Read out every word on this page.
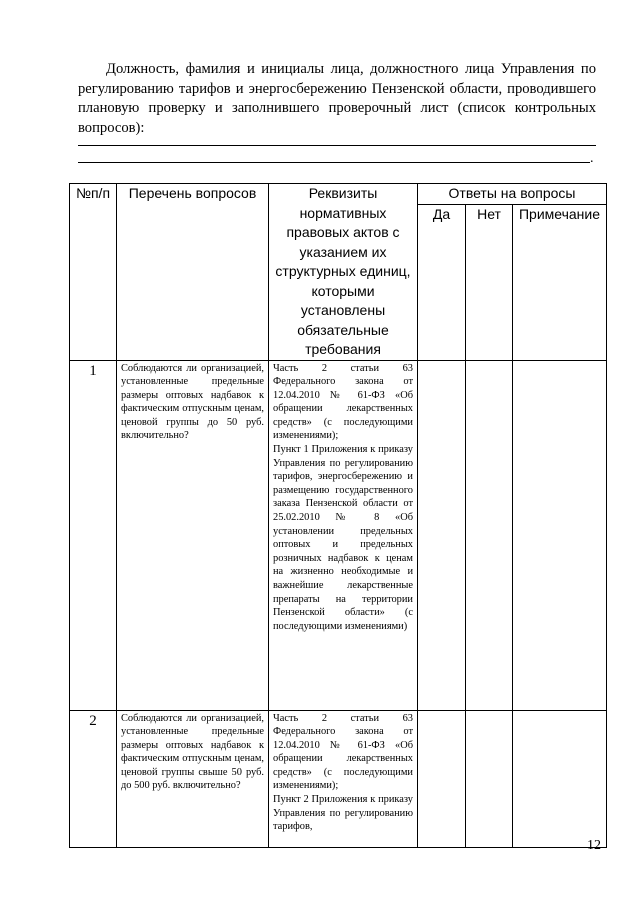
Должность, фамилия и инициалы лица, должностного лица Управления по регулированию тарифов и энергосбережению Пензенской области, проводившего плановую проверку и заполнившего проверочный лист (список контрольных вопросов):
.
№п/п	Перечень вопросов	Реквизиты нормативных правовых актов с указанием их структурных единиц, которыми установлены обязательные требования	Ответы на вопросы		
			Да	Нет	Примечание
1	Соблюдаются ли организацией, установленные предельные размеры оптовых надбавок к фактическим отпускным ценам, ценовой группы до 50 руб. включительно?	Часть 2 статьи 63 Федерального закона от 12.04.2010 № 61-ФЗ «Об обращении лекарственных средств» (с последующими изменениями);
Пункт 1 Приложения к приказу Управления по регулированию тарифов, энергосбережению и размещению государственного заказа Пензенской области от 25.02.2010 № 8 «Об установлении предельных оптовых и предельных розничных надбавок к ценам на жизненно необходимые и важнейшие лекарственные препараты на территории Пензенской области» (с последующими изменениями)			

2	Соблюдаются ли организацией, установленные предельные размеры оптовых надбавок к фактическим отпускным ценам, ценовой группы свыше 50 руб. до 500 руб. включительно?	Часть 2 статьи 63 Федерального закона от 12.04.2010 № 61-ФЗ «Об обращении лекарственных средств» (с последующими изменениями);
Пункт 2 Приложения к приказу Управления по регулированию тарифов,			

12
